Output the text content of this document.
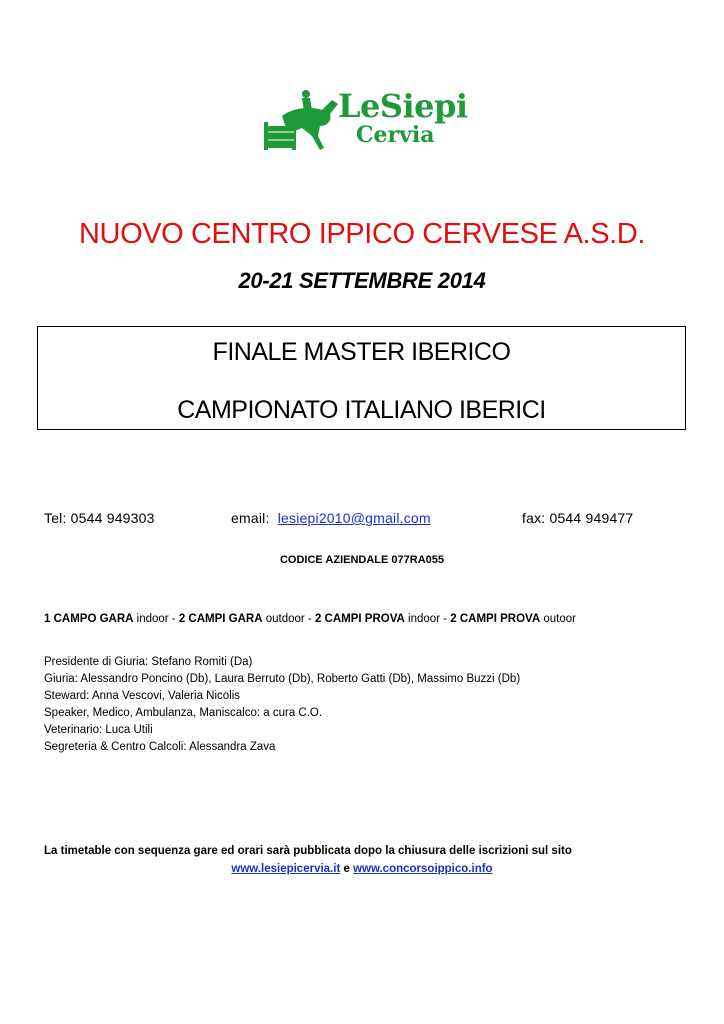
LeSiepi
Cervia
NUOVO CENTRO IPPICO CERVESE A.S.D.
20-21 SETTEMBRE 2014
FINALE MASTER IBERICO
CAMPIONATO ITALIANO IBERICI
Tel: 0544 949303	email: lesiepi2010@gmail.com	fax: 0544 949477
CODICE AZIENDALE 077RA055
1 CAMPO GARA indoor - 2 CAMPI GARA outdoor - 2 CAMPI PROVA indoor - 2 CAMPI PROVA outoor
Presidente di Giuria: Stefano Romiti (Da)
Giuria: Alessandro Poncino (Db), Laura Berruto (Db), Roberto Gatti (Db), Massimo Buzzi (Db)
Steward: Anna Vescovi, Valeria Nicolis
Speaker, Medico, Ambulanza, Maniscalco: a cura C.O.
Veterinario: Luca Utili
Segreteria & Centro Calcoli: Alessandra Zava
La timetable con sequenza gare ed orari sarà pubblicata dopo la chiusura delle iscrizioni sul sito
www.lesiepicervia.it e www.concorsoippico.info
